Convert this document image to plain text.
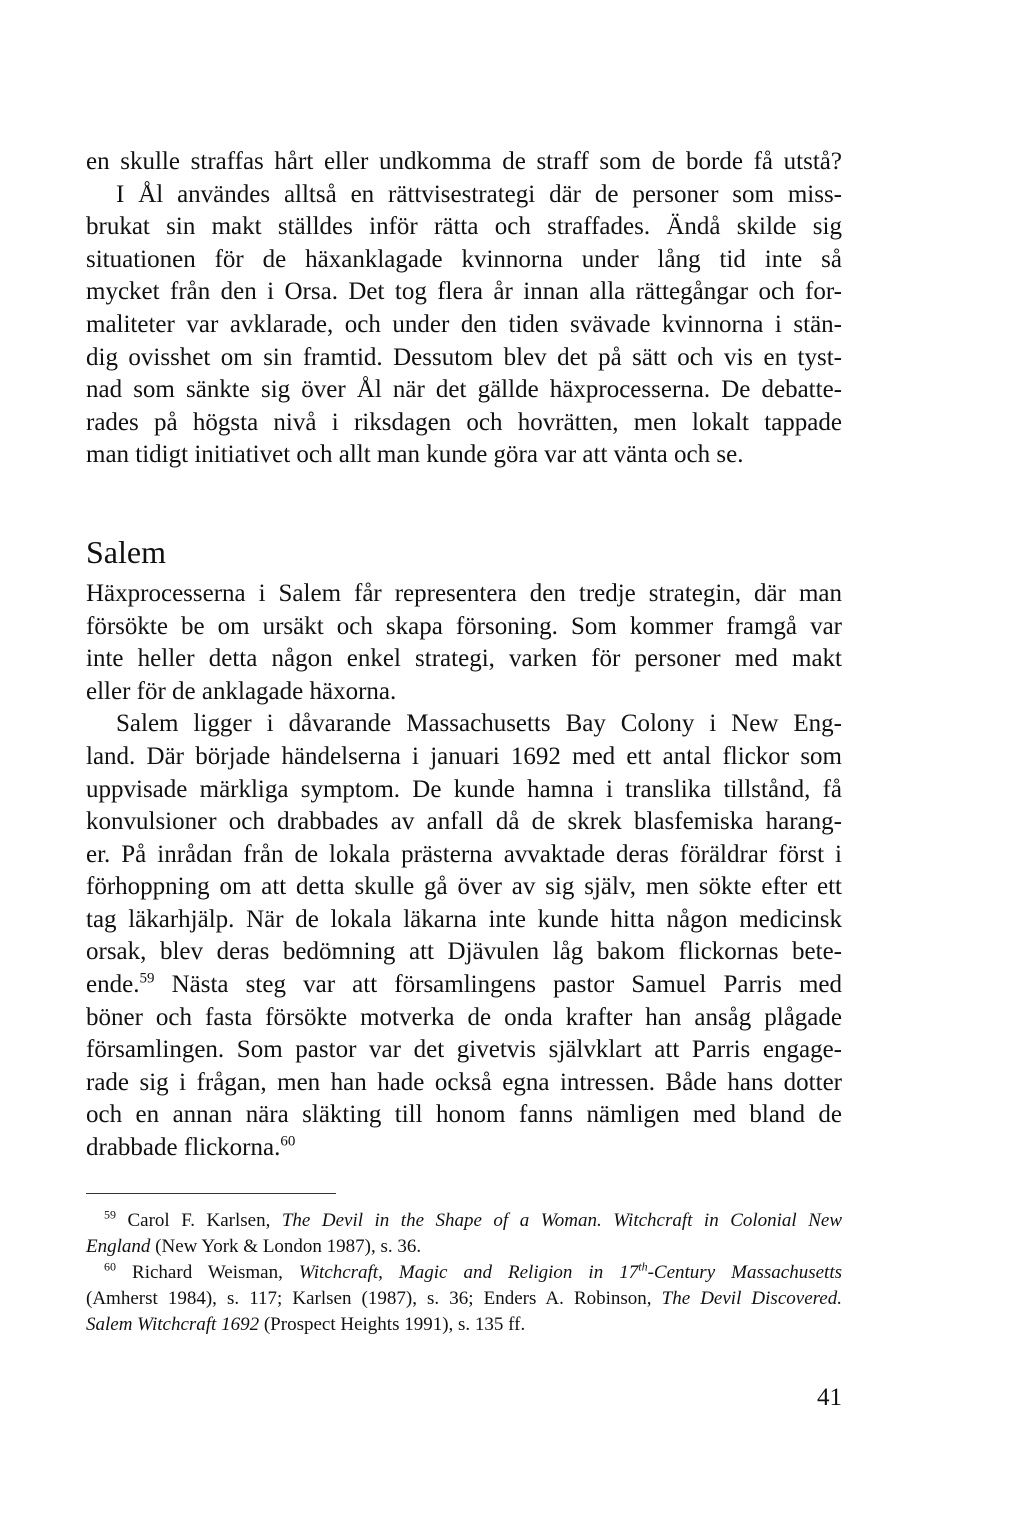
en skulle straffas hårt eller undkomma de straff som de borde få utstå?
I Ål användes alltså en rättvisestrategi där de personer som miss-
brukat sin makt ställdes inför rätta och straffades. Ändå skilde sig
situationen för de häxanklagade kvinnorna under lång tid inte så
mycket från den i Orsa. Det tog flera år innan alla rättegångar och for-
maliteter var avklarade, och under den tiden svävade kvinnorna i stän-
dig ovisshet om sin framtid. Dessutom blev det på sätt och vis en tyst-
nad som sänkte sig över Ål när det gällde häxprocesserna. De debatte-
rades på högsta nivå i riksdagen och hovrätten, men lokalt tappade
man tidigt initiativet och allt man kunde göra var att vänta och se.
Salem
Häxprocesserna i Salem får representera den tredje strategin, där man
försökte be om ursäkt och skapa försoning. Som kommer framgå var
inte heller detta någon enkel strategi, varken för personer med makt
eller för de anklagade häxorna.
Salem ligger i dåvarande Massachusetts Bay Colony i New Eng-
land. Där började händelserna i januari 1692 med ett antal flickor som
uppvisade märkliga symptom. De kunde hamna i translika tillstånd, få
konvulsioner och drabbades av anfall då de skrek blasfemiska harang-
er. På inrådan från de lokala prästerna avvaktade deras föräldrar först i
förhoppning om att detta skulle gå över av sig själv, men sökte efter ett
tag läkarhjälp. När de lokala läkarna inte kunde hitta någon medicinsk
orsak, blev deras bedömning att Djävulen låg bakom flickornas bete-
ende.$^{59}$ Nästa steg var att församlingens pastor Samuel Parris med
böner och fasta försökte motverka de onda krafter han ansåg plågade
församlingen. Som pastor var det givetvis självklart att Parris engage-
rade sig i frågan, men han hade också egna intressen. Både hans dotter
och en annan nära släkting till honom fanns nämligen med bland de
drabbade flickorna.$^{60}$
$^{59}$ Carol F. Karlsen, The Devil in the Shape of a Woman. Witchcraft in Colonial New
England (New York & London 1987), s. 36.
$^{60}$ Richard Weisman, Witchcraft, Magic and Religion in 17th-Century Massachusetts
(Amherst 1984), s. 117; Karlsen (1987), s. 36; Enders A. Robinson, The Devil Discovered.
Salem Witchcraft 1692 (Prospect Heights 1991), s. 135 ff.
41
